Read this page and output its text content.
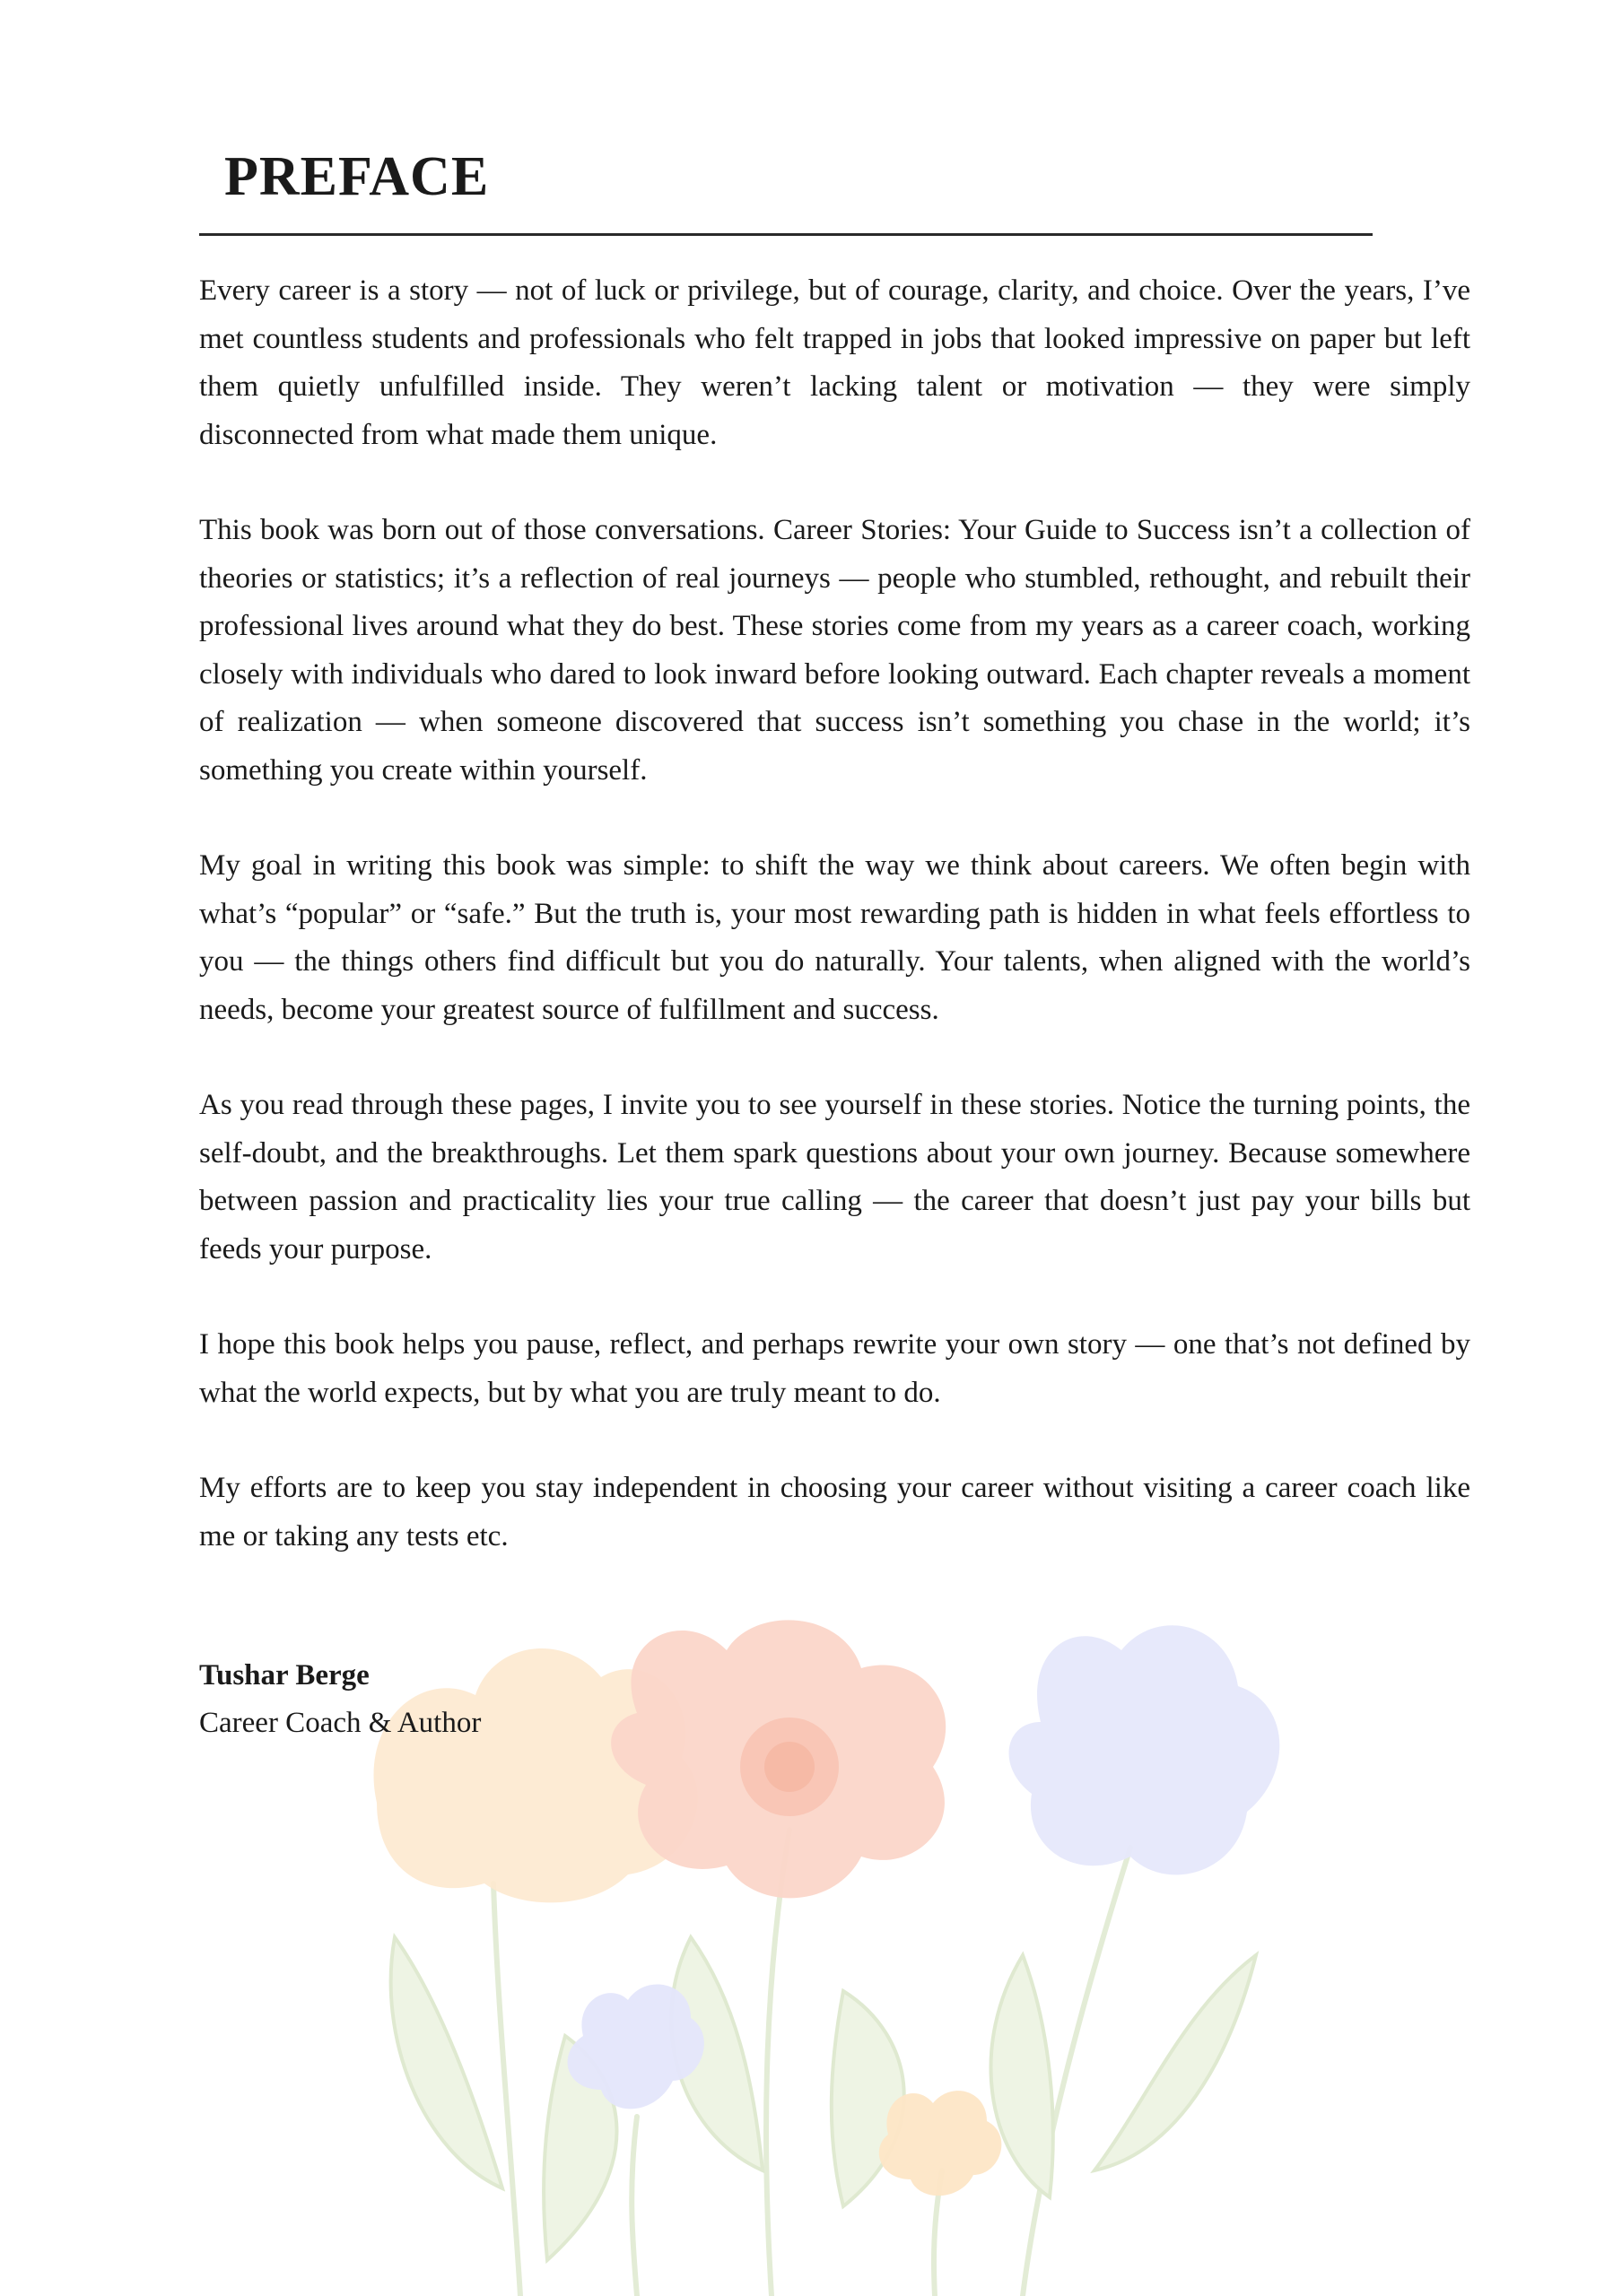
PREFACE

Every career is a story — not of luck or privilege, but of courage, clarity, and choice. Over the years, I’ve met countless students and professionals who felt trapped in jobs that looked impressive on paper but left them quietly unfulfilled inside. They weren’t lacking talent or motivation — they were simply disconnected from what made them unique.

This book was born out of those conversations. Career Stories: Your Guide to Success isn’t a collection of theories or statistics; it’s a reflection of real journeys — people who stumbled, rethought, and rebuilt their professional lives around what they do best. These stories come from my years as a career coach, working closely with individuals who dared to look inward before looking outward. Each chapter reveals a moment of realization — when someone discovered that success isn’t something you chase in the world; it’s something you create within yourself.

My goal in writing this book was simple: to shift the way we think about careers. We often begin with what’s “popular” or “safe.” But the truth is, your most rewarding path is hidden in what feels effortless to you — the things others find difficult but you do naturally. Your talents, when aligned with the world’s needs, become your greatest source of fulfillment and success.

As you read through these pages, I invite you to see yourself in these stories. Notice the turning points, the self-doubt, and the breakthroughs. Let them spark questions about your own journey. Because somewhere between passion and practicality lies your true calling — the career that doesn’t just pay your bills but feeds your purpose.

I hope this book helps you pause, reflect, and perhaps rewrite your own story — one that’s not defined by what the world expects, but by what you are truly meant to do.

My efforts are to keep you stay independent in choosing your career without visiting a career coach like me or taking any tests etc.

Tushar Berge
Career Coach & Author
